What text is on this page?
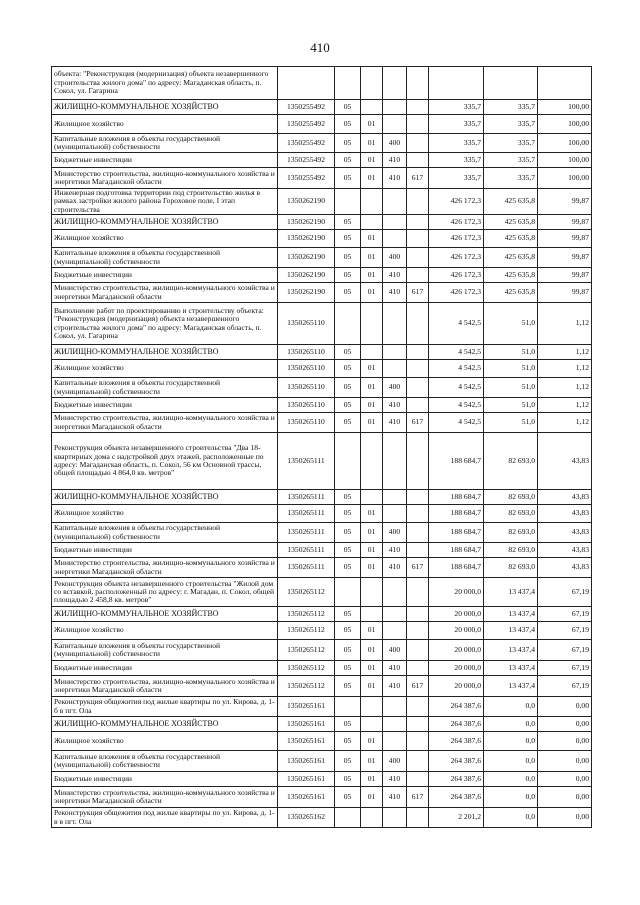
410
объекта: "Реконструкция (модернизация) объекта незавершенного строительства жилого дома" по адресу: Магаданская область, п. Сокол, ул. Гагарина								
ЖИЛИЩНО-КОММУНАЛЬНОЕ ХОЗЯЙСТВО	1350255492	05				335,7	335,7	100,00
Жилищное хозяйство	1350255492	05	01			335,7	335,7	100,00
Капитальные вложения в объекты государственной (муниципальной) собственности	1350255492	05	01	400		335,7	335,7	100,00
Бюджетные инвестиции	1350255492	05	01	410		335,7	335,7	100,00
Министерство строительства, жилищно-коммунального хозяйства и энергетики Магаданской области	1350255492	05	01	410	617	335,7	335,7	100,00
Инженерная подготовка территории под строительство жилья в рамках застройки жилого района Гороховое поле, I этап строительства	1350262190					426 172,3	425 635,8	99,87
ЖИЛИЩНО-КОММУНАЛЬНОЕ ХОЗЯЙСТВО	1350262190	05				426 172,3	425 635,8	99,87
Жилищное хозяйство	1350262190	05	01			426 172,3	425 635,8	99,87
Капитальные вложения в объекты государственной (муниципальной) собственности	1350262190	05	01	400		426 172,3	425 635,8	99,87
Бюджетные инвестиции	1350262190	05	01	410		426 172,3	425 635,8	99,87
Министерство строительства, жилищно-коммунального хозяйства и энергетики Магаданской области	1350262190	05	01	410	617	426 172,3	425 635,8	99,87
Выполнение работ по проектированию и строительству объекта: "Реконструкция (модернизация) объекта незавершенного строительства жилого дома" по адресу: Магаданская область, п. Сокол, ул. Гагарина	1350265110					4 542,5	51,0	1,12
ЖИЛИЩНО-КОММУНАЛЬНОЕ ХОЗЯЙСТВО	1350265110	05				4 542,5	51,0	1,12
Жилищное хозяйство	1350265110	05	01			4 542,5	51,0	1,12
Капитальные вложения в объекты государственной (муниципальной) собственности	1350265110	05	01	400		4 542,5	51,0	1,12
Бюджетные инвестиции	1350265110	05	01	410		4 542,5	51,0	1,12
Министерство строительства, жилищно-коммунального хозяйства и энергетики Магаданской области	1350265110	05	01	410	617	4 542,5	51,0	1,12
Реконструкция объекта незавершенного строительства "Два 18-квартирных дома с надстройкой двух этажей, расположенные по адресу: Магаданская область, п. Сокол, 56 км Основной трассы, общей площадью 4 864,0 кв. метров"	1350265111					188 684,7	82 693,0	43,83
ЖИЛИЩНО-КОММУНАЛЬНОЕ ХОЗЯЙСТВО	1350265111	05				188 684,7	82 693,0	43,83
Жилищное хозяйство	1350265111	05	01			188 684,7	82 693,0	43,83
Капитальные вложения в объекты государственной (муниципальной) собственности	1350265111	05	01	400		188 684,7	82 693,0	43,83
Бюджетные инвестиции	1350265111	05	01	410		188 684,7	82 693,0	43,83
Министерство строительства, жилищно-коммунального хозяйства и энергетики Магаданской области	1350265111	05	01	410	617	188 684,7	82 693,0	43,83
Реконструкция объекта незавершенного строительства "Жилой дом со вставкой, расположенный по адресу: г. Магадан, п. Сокол, общей площадью 2 458,8 кв. метров"	1350265112					20 000,0	13 437,4	67,19
ЖИЛИЩНО-КОММУНАЛЬНОЕ ХОЗЯЙСТВО	1350265112	05				20 000,0	13 437,4	67,19
Жилищное хозяйство	1350265112	05	01			20 000,0	13 437,4	67,19
Капитальные вложения в объекты государственной (муниципальной) собственности	1350265112	05	01	400		20 000,0	13 437,4	67,19
Бюджетные инвестиции	1350265112	05	01	410		20 000,0	13 437,4	67,19
Министерство строительства, жилищно-коммунального хозяйства и энергетики Магаданской области	1350265112	05	01	410	617	20 000,0	13 437,4	67,19
Реконструкция общежития под жилые квартиры по ул. Кирова, д. 1-б в пгт. Ола	1350265161					264 387,6	0,0	0,00
ЖИЛИЩНО-КОММУНАЛЬНОЕ ХОЗЯЙСТВО	1350265161	05				264 387,6	0,0	0,00
Жилищное хозяйство	1350265161	05	01			264 387,6	0,0	0,00
Капитальные вложения в объекты государственной (муниципальной) собственности	1350265161	05	01	400		264 387,6	0,0	0,00
Бюджетные инвестиции	1350265161	05	01	410		264 387,6	0,0	0,00
Министерство строительства, жилищно-коммунального хозяйства и энергетики Магаданской области	1350265161	05	01	410	617	264 387,6	0,0	0,00
Реконструкция общежития под жилые квартиры по ул. Кирова, д. 1-в в пгт. Ола	1350265162					2 201,2	0,0	0,00
